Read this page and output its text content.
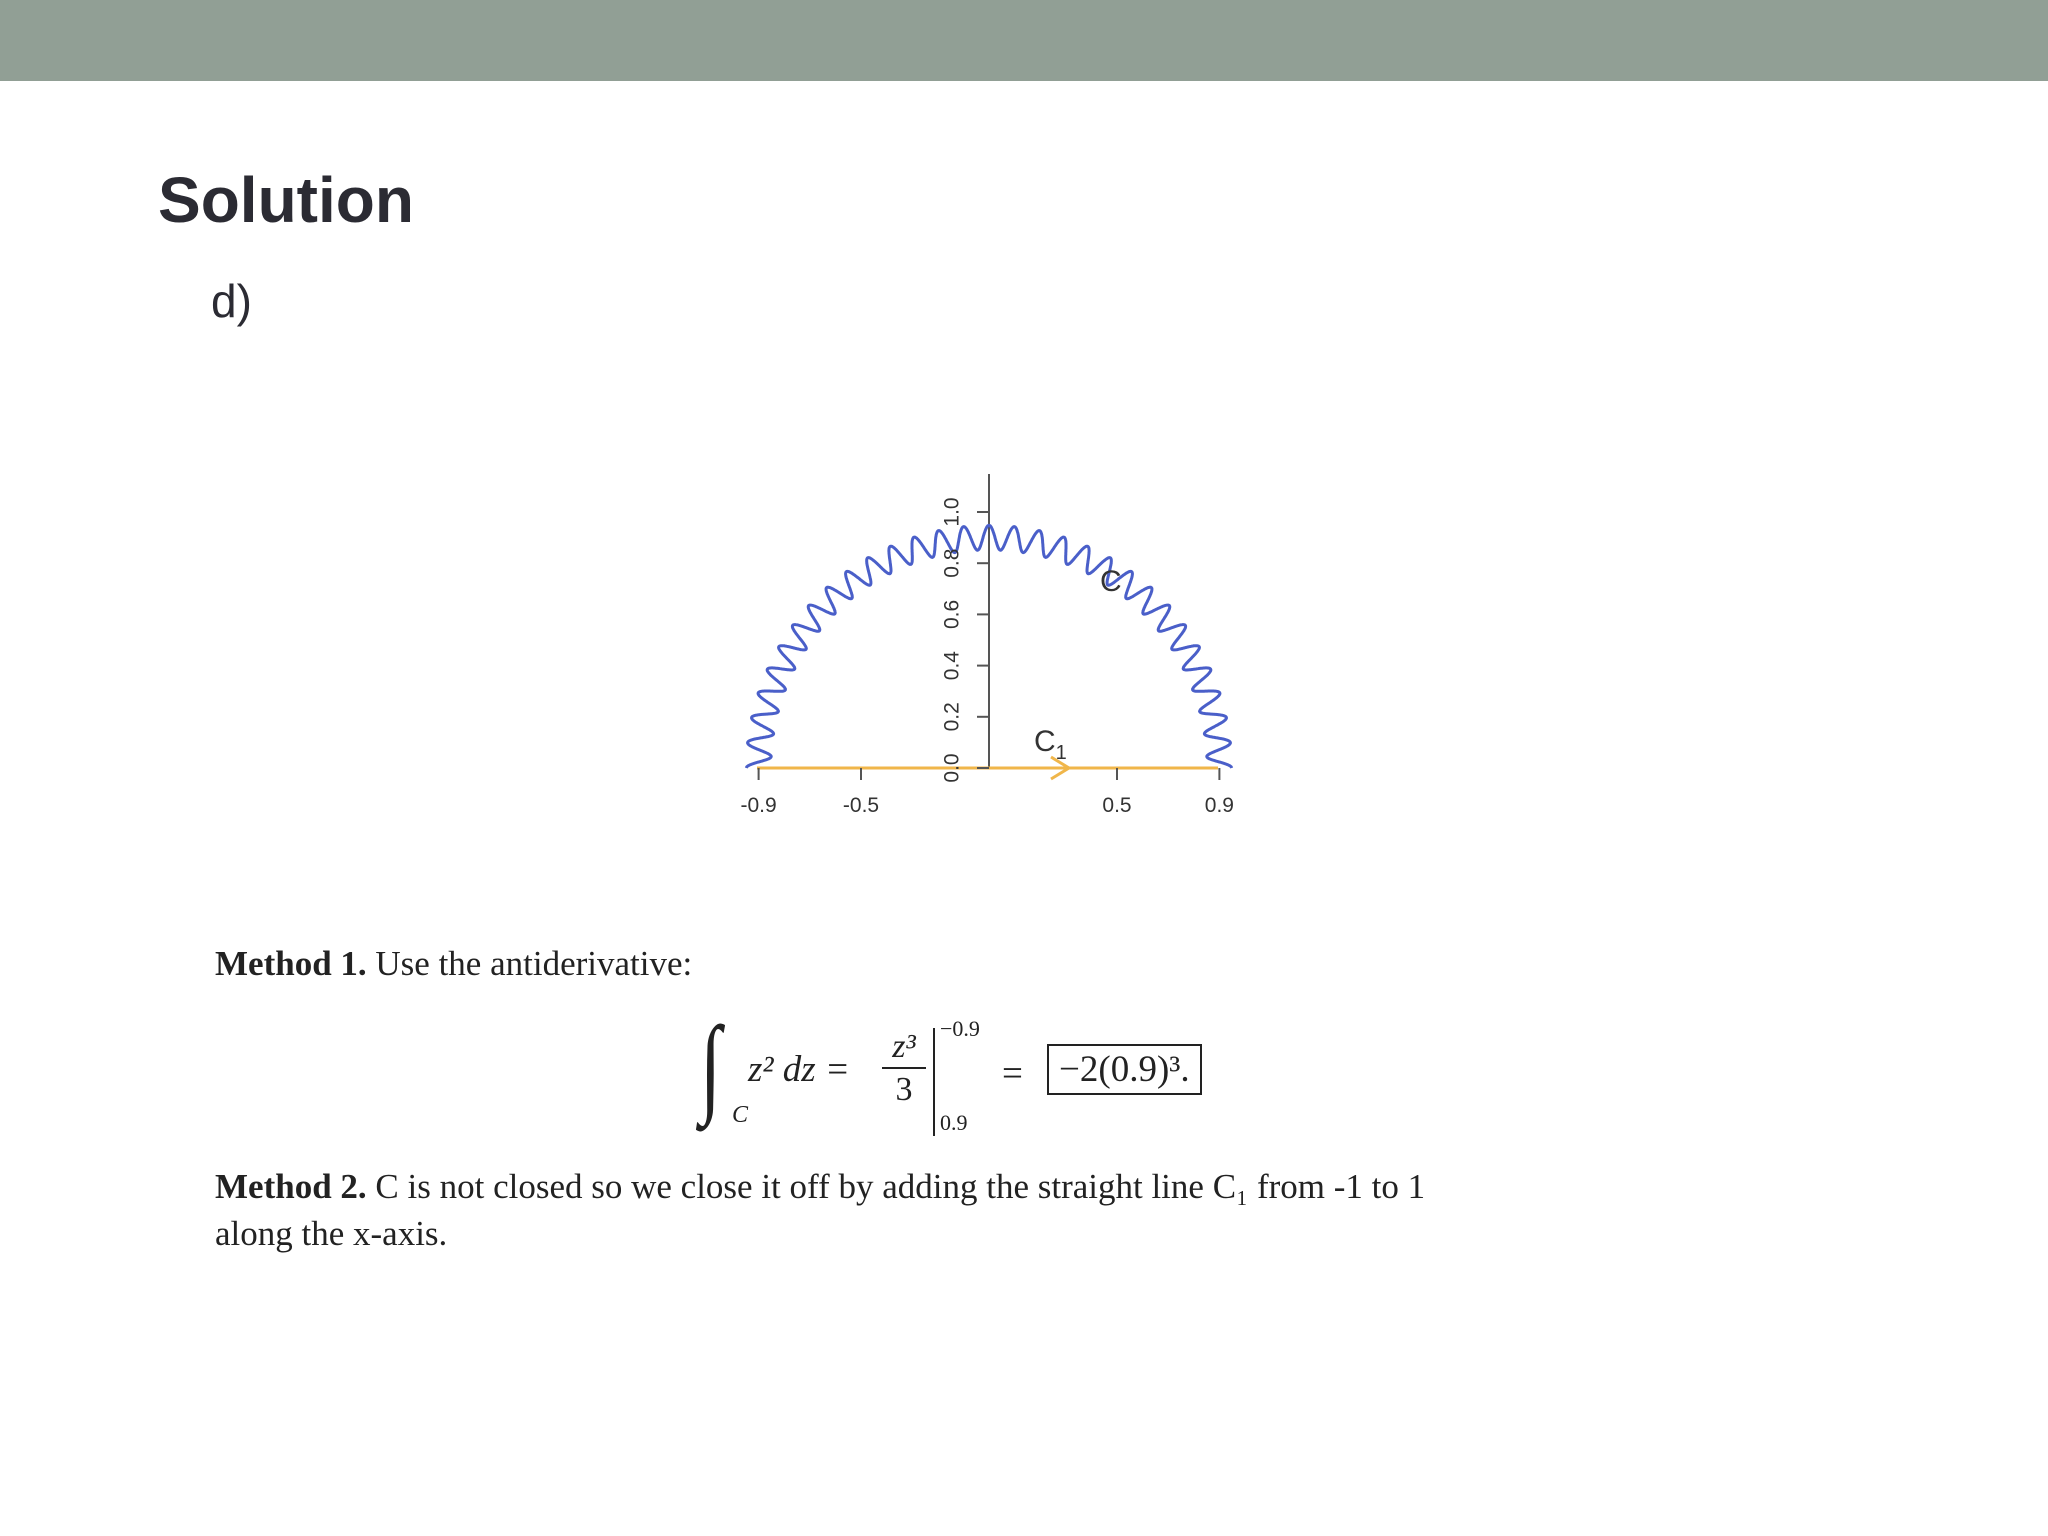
Solution
d)
-0.9	-0.5	0.5	0.9
0.0
0.2
0.4
0.6
0.8
1.0
C
$C_1$
Method 1. Use the antiderivative:
∫ C
z² dz =
z³
3
−0.9
0.9
= −2(0.9)³.
Method 2. C is not closed so we close it off by adding the straight line C₁ from -1 to 1
along the x-axis.
